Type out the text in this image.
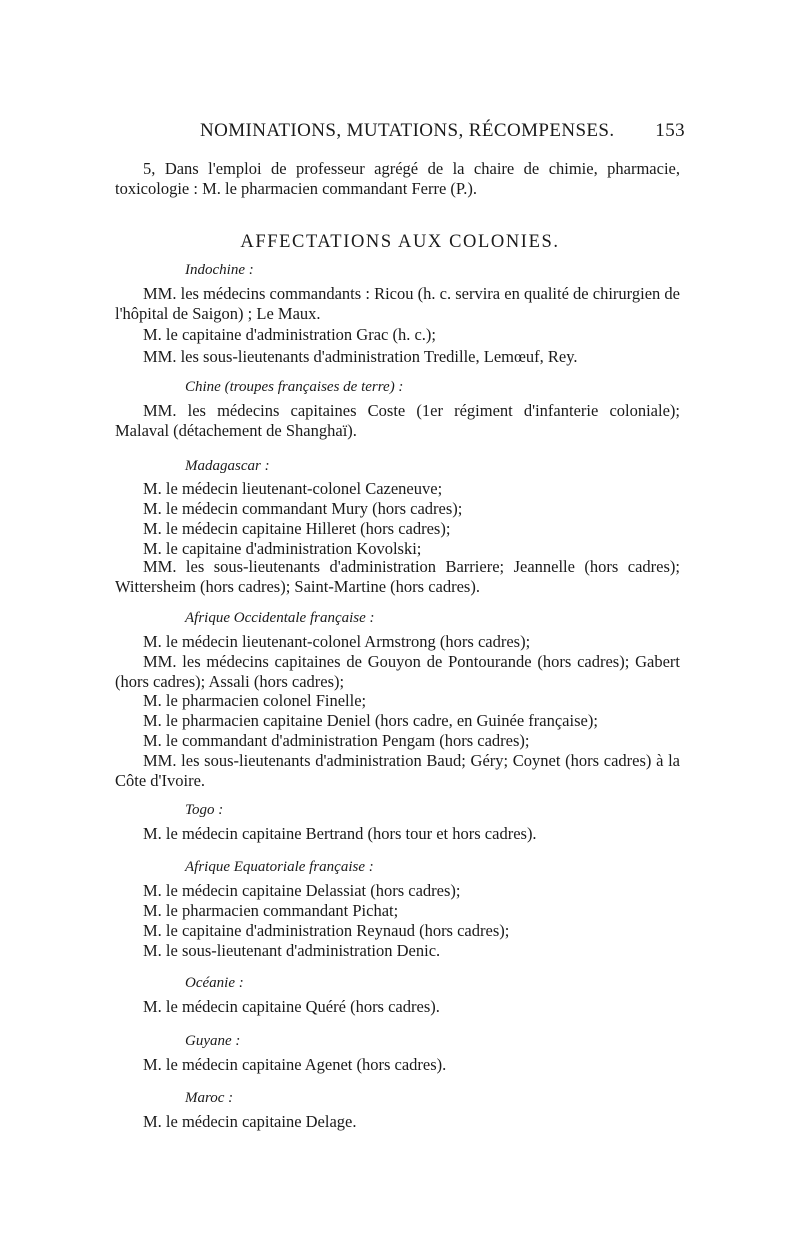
NOMINATIONS, MUTATIONS, RÉCOMPENSES. 153
5, Dans l'emploi de professeur agrégé de la chaire de chimie, pharmacie, toxicologie : M. le pharmacien commandant Ferre (P.).
AFFECTATIONS AUX COLONIES.
Indochine :
MM. les médecins commandants : Ricou (h. c. servira en qualité de chirurgien de l'hôpital de Saigon) ; Le Maux.
M. le capitaine d'administration Grac (h. c.);
MM. les sous-lieutenants d'administration Tredille, Lemœuf, Rey.
Chine (troupes françaises de terre) :
MM. les médecins capitaines Coste (1er régiment d'infanterie coloniale); Malaval (détachement de Shanghaï).
Madagascar :
M. le médecin lieutenant-colonel Cazeneuve;
M. le médecin commandant Mury (hors cadres);
M. le médecin capitaine Hilleret (hors cadres);
M. le capitaine d'administration Kovolski;
MM. les sous-lieutenants d'administration Barriere; Jeannelle (hors cadres); Wittersheim (hors cadres); Saint-Martine (hors cadres).
Afrique Occidentale française :
M. le médecin lieutenant-colonel Armstrong (hors cadres);
MM. les médecins capitaines de Gouyon de Pontourande (hors cadres); Gabert (hors cadres); Assali (hors cadres);
M. le pharmacien colonel Finelle;
M. le pharmacien capitaine Deniel (hors cadre, en Guinée française);
M. le commandant d'administration Pengam (hors cadres);
MM. les sous-lieutenants d'administration Baud; Géry; Coynet (hors cadres) à la Côte d'Ivoire.
Togo :
M. le médecin capitaine Bertrand (hors tour et hors cadres).
Afrique Equatoriale française :
M. le médecin capitaine Delassiat (hors cadres);
M. le pharmacien commandant Pichat;
M. le capitaine d'administration Reynaud (hors cadres);
M. le sous-lieutenant d'administration Denic.
Océanie :
M. le médecin capitaine Quéré (hors cadres).
Guyane :
M. le médecin capitaine Agenet (hors cadres).
Maroc :
M. le médecin capitaine Delage.
